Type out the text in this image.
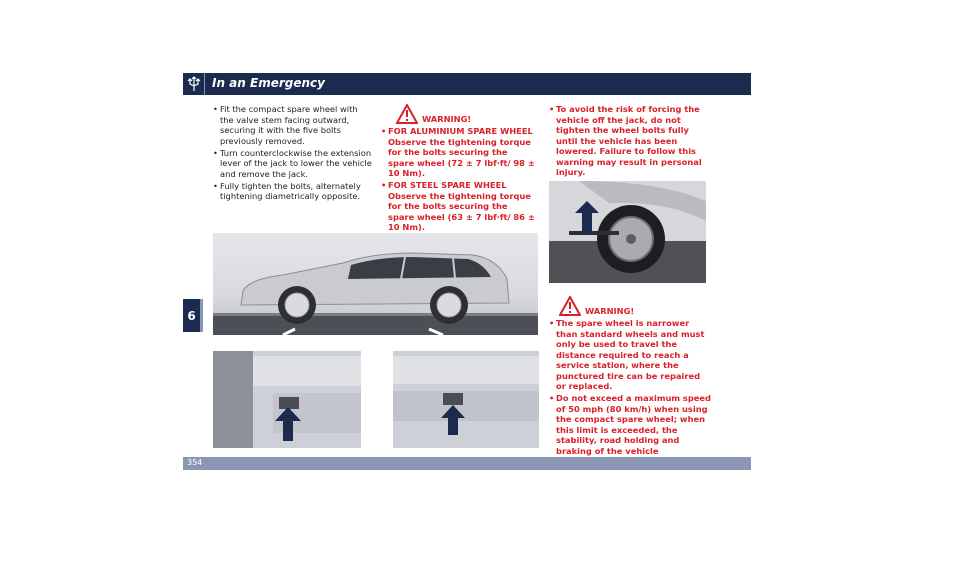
In an Emergency
6
• Fit the compact spare wheel with the valve stem facing outward, securing it with the five bolts previously removed.
• Turn counterclockwise the extension lever of the jack to lower the vehicle and remove the jack.
• Fully tighten the bolts, alternately tightening diametrically opposite.
WARNING!
• FOR ALUMINIUM SPARE WHEEL Observe the tightening torque for the bolts securing the spare wheel (72 ± 7 lbf·ft/ 98 ± 10 Nm).
• FOR STEEL SPARE WHEEL Observe the tightening torque for the bolts securing the spare wheel (63 ± 7 lbf·ft/ 86 ± 10 Nm).
• To avoid the risk of forcing the vehicle off the jack, do not tighten the wheel bolts fully until the vehicle has been lowered. Failure to follow this warning may result in personal injury.
WARNING!
• The spare wheel is narrower than standard wheels and must only be used to travel the distance required to reach a service station, where the punctured tire can be repaired or replaced.
• Do not exceed a maximum speed of 50 mph (80 km/h) when using the compact spare wheel; when this limit is exceeded, the stability, road holding and braking of the vehicle
354
